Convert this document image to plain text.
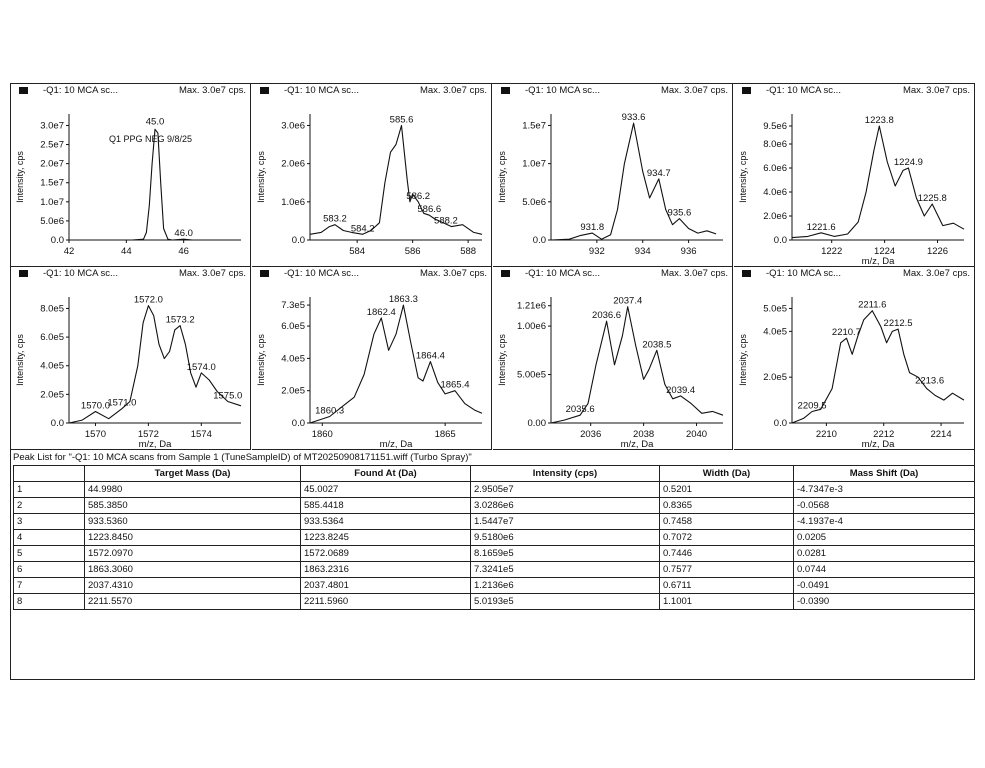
-Q1: 10 MCA sc...	Max. 3.0e7 cps.
Intensity, cps
0.0
5.0e6
1.0e7
1.5e7
2.0e7
2.5e7
3.0e7
42	44	46
45.0
46.0
Q1 PPG NEG 9/8/25
-Q1: 10 MCA sc...	Max. 3.0e7 cps.
Intensity, cps
0.0
1.0e6
2.0e6
3.0e6
584	586	588
583.2
584.2
585.6
586.2
586.6
588.2
-Q1: 10 MCA sc...	Max. 3.0e7 cps.
Intensity, cps
0.0
5.0e6
1.0e7
1.5e7
932	934	936
931.8
933.6
934.7
935.6
-Q1: 10 MCA sc...	Max. 3.0e7 cps.
Intensity, cps
0.0
2.0e6
4.0e6
6.0e6
8.0e6
9.5e6
1222	1224	1226
m/z, Da
1221.6
1223.8
1224.9
1225.8
-Q1: 10 MCA sc...	Max. 3.0e7 cps.
Intensity, cps
0.0
2.0e5
4.0e5
6.0e5
8.0e5
1570	1572	1574
m/z, Da
1570.0
1571.0
1572.0
1573.2
1574.0
1575.0
-Q1: 10 MCA sc...	Max. 3.0e7 cps.
Intensity, cps
0.0
2.0e5
4.0e5
6.0e5
7.3e5
1860	1865
m/z, Da
1860.3
1862.4
1863.3
1864.4
1865.4
-Q1: 10 MCA sc...	Max. 3.0e7 cps.
Intensity, cps
0.00
5.00e5
1.00e6
1.21e6
2036	2038	2040
m/z, Da
2035.6
2036.6
2037.4
2038.5
2039.4
-Q1: 10 MCA sc...	Max. 3.0e7 cps.
Intensity, cps
0.0
2.0e5
4.0e5
5.0e5
2210	2212	2214
m/z, Da
2209.5
2210.7
2211.6
2212.5
2213.6
Peak List for "-Q1: 10 MCA scans from Sample 1 (TuneSampleID) of MT20250908171151.wiff (Turbo Spray)"
	Target Mass (Da)	Found At (Da)	Intensity (cps)	Width (Da)	Mass Shift (Da)
1	44.9980	45.0027	2.9505e7	0.5201	-4.7347e-3
2	585.3850	585.4418	3.0286e6	0.8365	-0.0568
3	933.5360	933.5364	1.5447e7	0.7458	-4.1937e-4
4	1223.8450	1223.8245	9.5180e6	0.7072	0.0205
5	1572.0970	1572.0689	8.1659e5	0.7446	0.0281
6	1863.3060	1863.2316	7.3241e5	0.7577	0.0744
7	2037.4310	2037.4801	1.2136e6	0.6711	-0.0491
8	2211.5570	2211.5960	5.0193e5	1.1001	-0.0390
